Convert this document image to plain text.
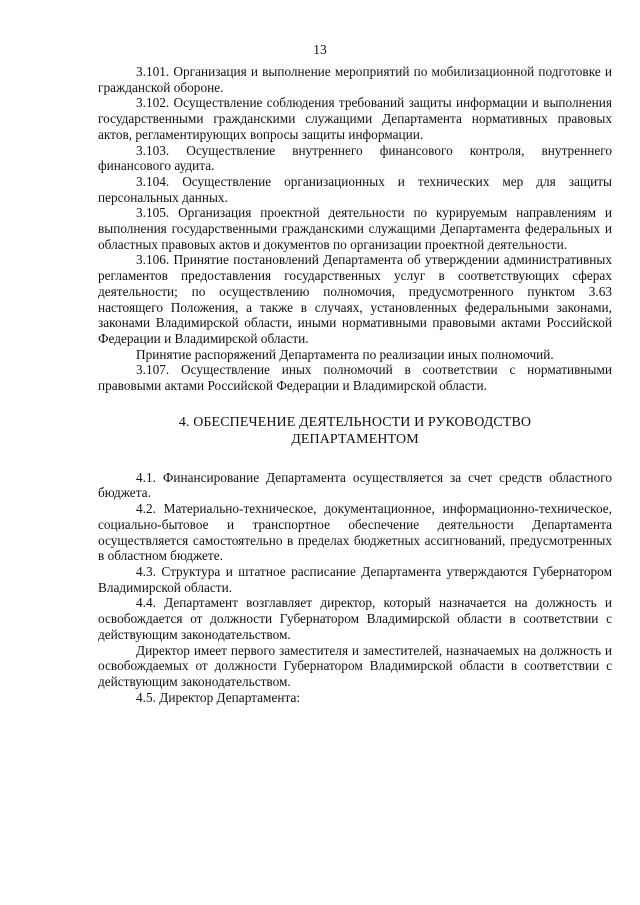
13

3.101. Организация и выполнение мероприятий по мобилизационной подготовке и гражданской обороне.

3.102. Осуществление соблюдения требований защиты информации и выполнения государственными гражданскими служащими Департамента нормативных правовых актов, регламентирующих вопросы защиты информации.

3.103. Осуществление внутреннего финансового контроля, внутреннего финансового аудита.

3.104. Осуществление организационных и технических мер для защиты персональных данных.

3.105. Организация проектной деятельности по курируемым направлениям и выполнения государственными гражданскими служащими Департамента федеральных и областных правовых актов и документов по организации проектной деятельности.

3.106. Принятие постановлений Департамента об утверждении административных регламентов предоставления государственных услуг в соответствующих сферах деятельности; по осуществлению полномочия, предусмотренного пунктом 3.63 настоящего Положения, а также в случаях, установленных федеральными законами, законами Владимирской области, иными нормативными правовыми актами Российской Федерации и Владимирской области.

Принятие распоряжений Департамента по реализации иных полномочий.

3.107. Осуществление иных полномочий в соответствии с нормативными правовыми актами Российской Федерации и Владимирской области.

4. ОБЕСПЕЧЕНИЕ ДЕЯТЕЛЬНОСТИ И РУКОВОДСТВО
ДЕПАРТАМЕНТОМ

4.1. Финансирование Департамента осуществляется за счет средств областного бюджета.

4.2. Материально-техническое, документационное, информационно-техническое, социально-бытовое и транспортное обеспечение деятельности Департамента осуществляется самостоятельно в пределах бюджетных ассигнований, предусмотренных в областном бюджете.

4.3. Структура и штатное расписание Департамента утверждаются Губернатором Владимирской области.

4.4. Департамент возглавляет директор, который назначается на должность и освобождается от должности Губернатором Владимирской области в соответствии с действующим законодательством.

Директор имеет первого заместителя и заместителей, назначаемых на должность и освобождаемых от должности Губернатором Владимирской области в соответствии с действующим законодательством.

4.5. Директор Департамента:
